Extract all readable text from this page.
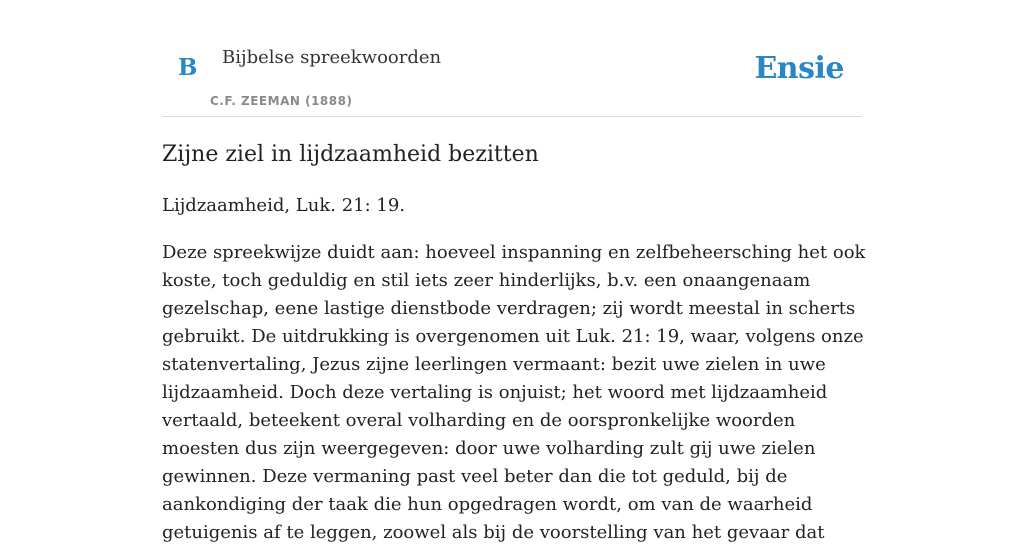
B Bijbelse spreekwoorden
C.F. ZEEMAN (1888)
Ensie
Zijne ziel in lijdzaamheid bezitten

Lijdzaamheid, Luk. 21: 19.

Deze spreekwijze duidt aan: hoeveel inspanning en zelfbeheersching het ook koste, toch geduldig en stil iets zeer hinderlijks, b.v. een onaangenaam gezelschap, eene lastige dienstbode verdragen; zij wordt meestal in scherts gebruikt. De uitdrukking is overgenomen uit Luk. 21: 19, waar, volgens onze statenvertaling, Jezus zijne leerlingen vermaant: bezit uwe zielen in uwe lijdzaamheid. Doch deze vertaling is onjuist; het woord met lijdzaamheid vertaald, beteekent overal volharding en de oorspronkelijke woorden moesten dus zijn weergegeven: door uwe volharding zult gij uwe zielen gewinnen. Deze vermaning past veel beter dan die tot geduld, bij de aankondiging der taak die hun opgedragen wordt, om van de waarheid getuigenis af te leggen, zoowel als bij de voorstelling van het gevaar dat
